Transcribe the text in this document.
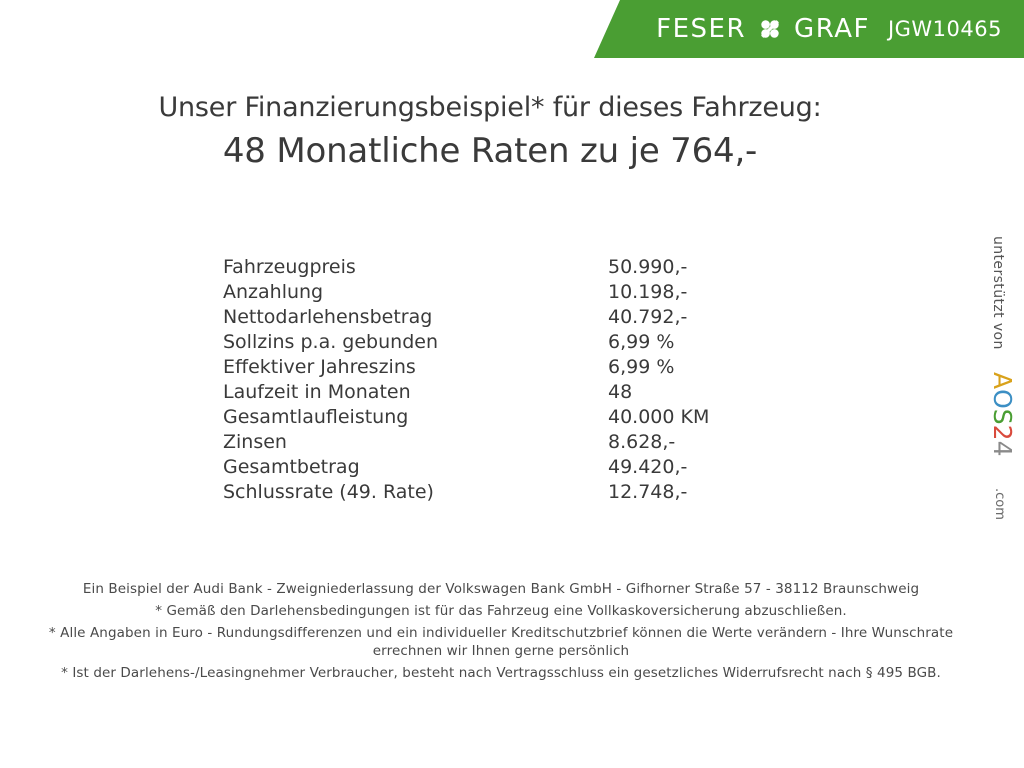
FESER GRAF JGW10465
Unser Finanzierungsbeispiel* für dieses Fahrzeug:
48 Monatliche Raten zu je 764,-
Fahrzeugpreis	50.990,-
Anzahlung	10.198,-
Nettodarlehensbetrag	40.792,-
Sollzins p.a. gebunden	6,99 %
Effektiver Jahreszins	6,99 %
Laufzeit in Monaten	48
Gesamtlaufleistung	40.000 KM
Zinsen	8.628,-
Gesamtbetrag	49.420,-
Schlussrate (49. Rate)	12.748,-
Ein Beispiel der Audi Bank - Zweigniederlassung der Volkswagen Bank GmbH - Gifhorner Straße 57 - 38112 Braunschweig
* Gemäß den Darlehensbedingungen ist für das Fahrzeug eine Vollkaskoversicherung abzuschließen.
* Alle Angaben in Euro - Rundungsdifferenzen und ein individueller Kreditschutzbrief können die Werte verändern - Ihre Wunschrate errechnen wir Ihnen gerne persönlich
* Ist der Darlehens-/Leasingnehmer Verbraucher, besteht nach Vertragsschluss ein gesetzliches Widerrufsrecht nach § 495 BGB.
unterstützt von
AOS24
.com
